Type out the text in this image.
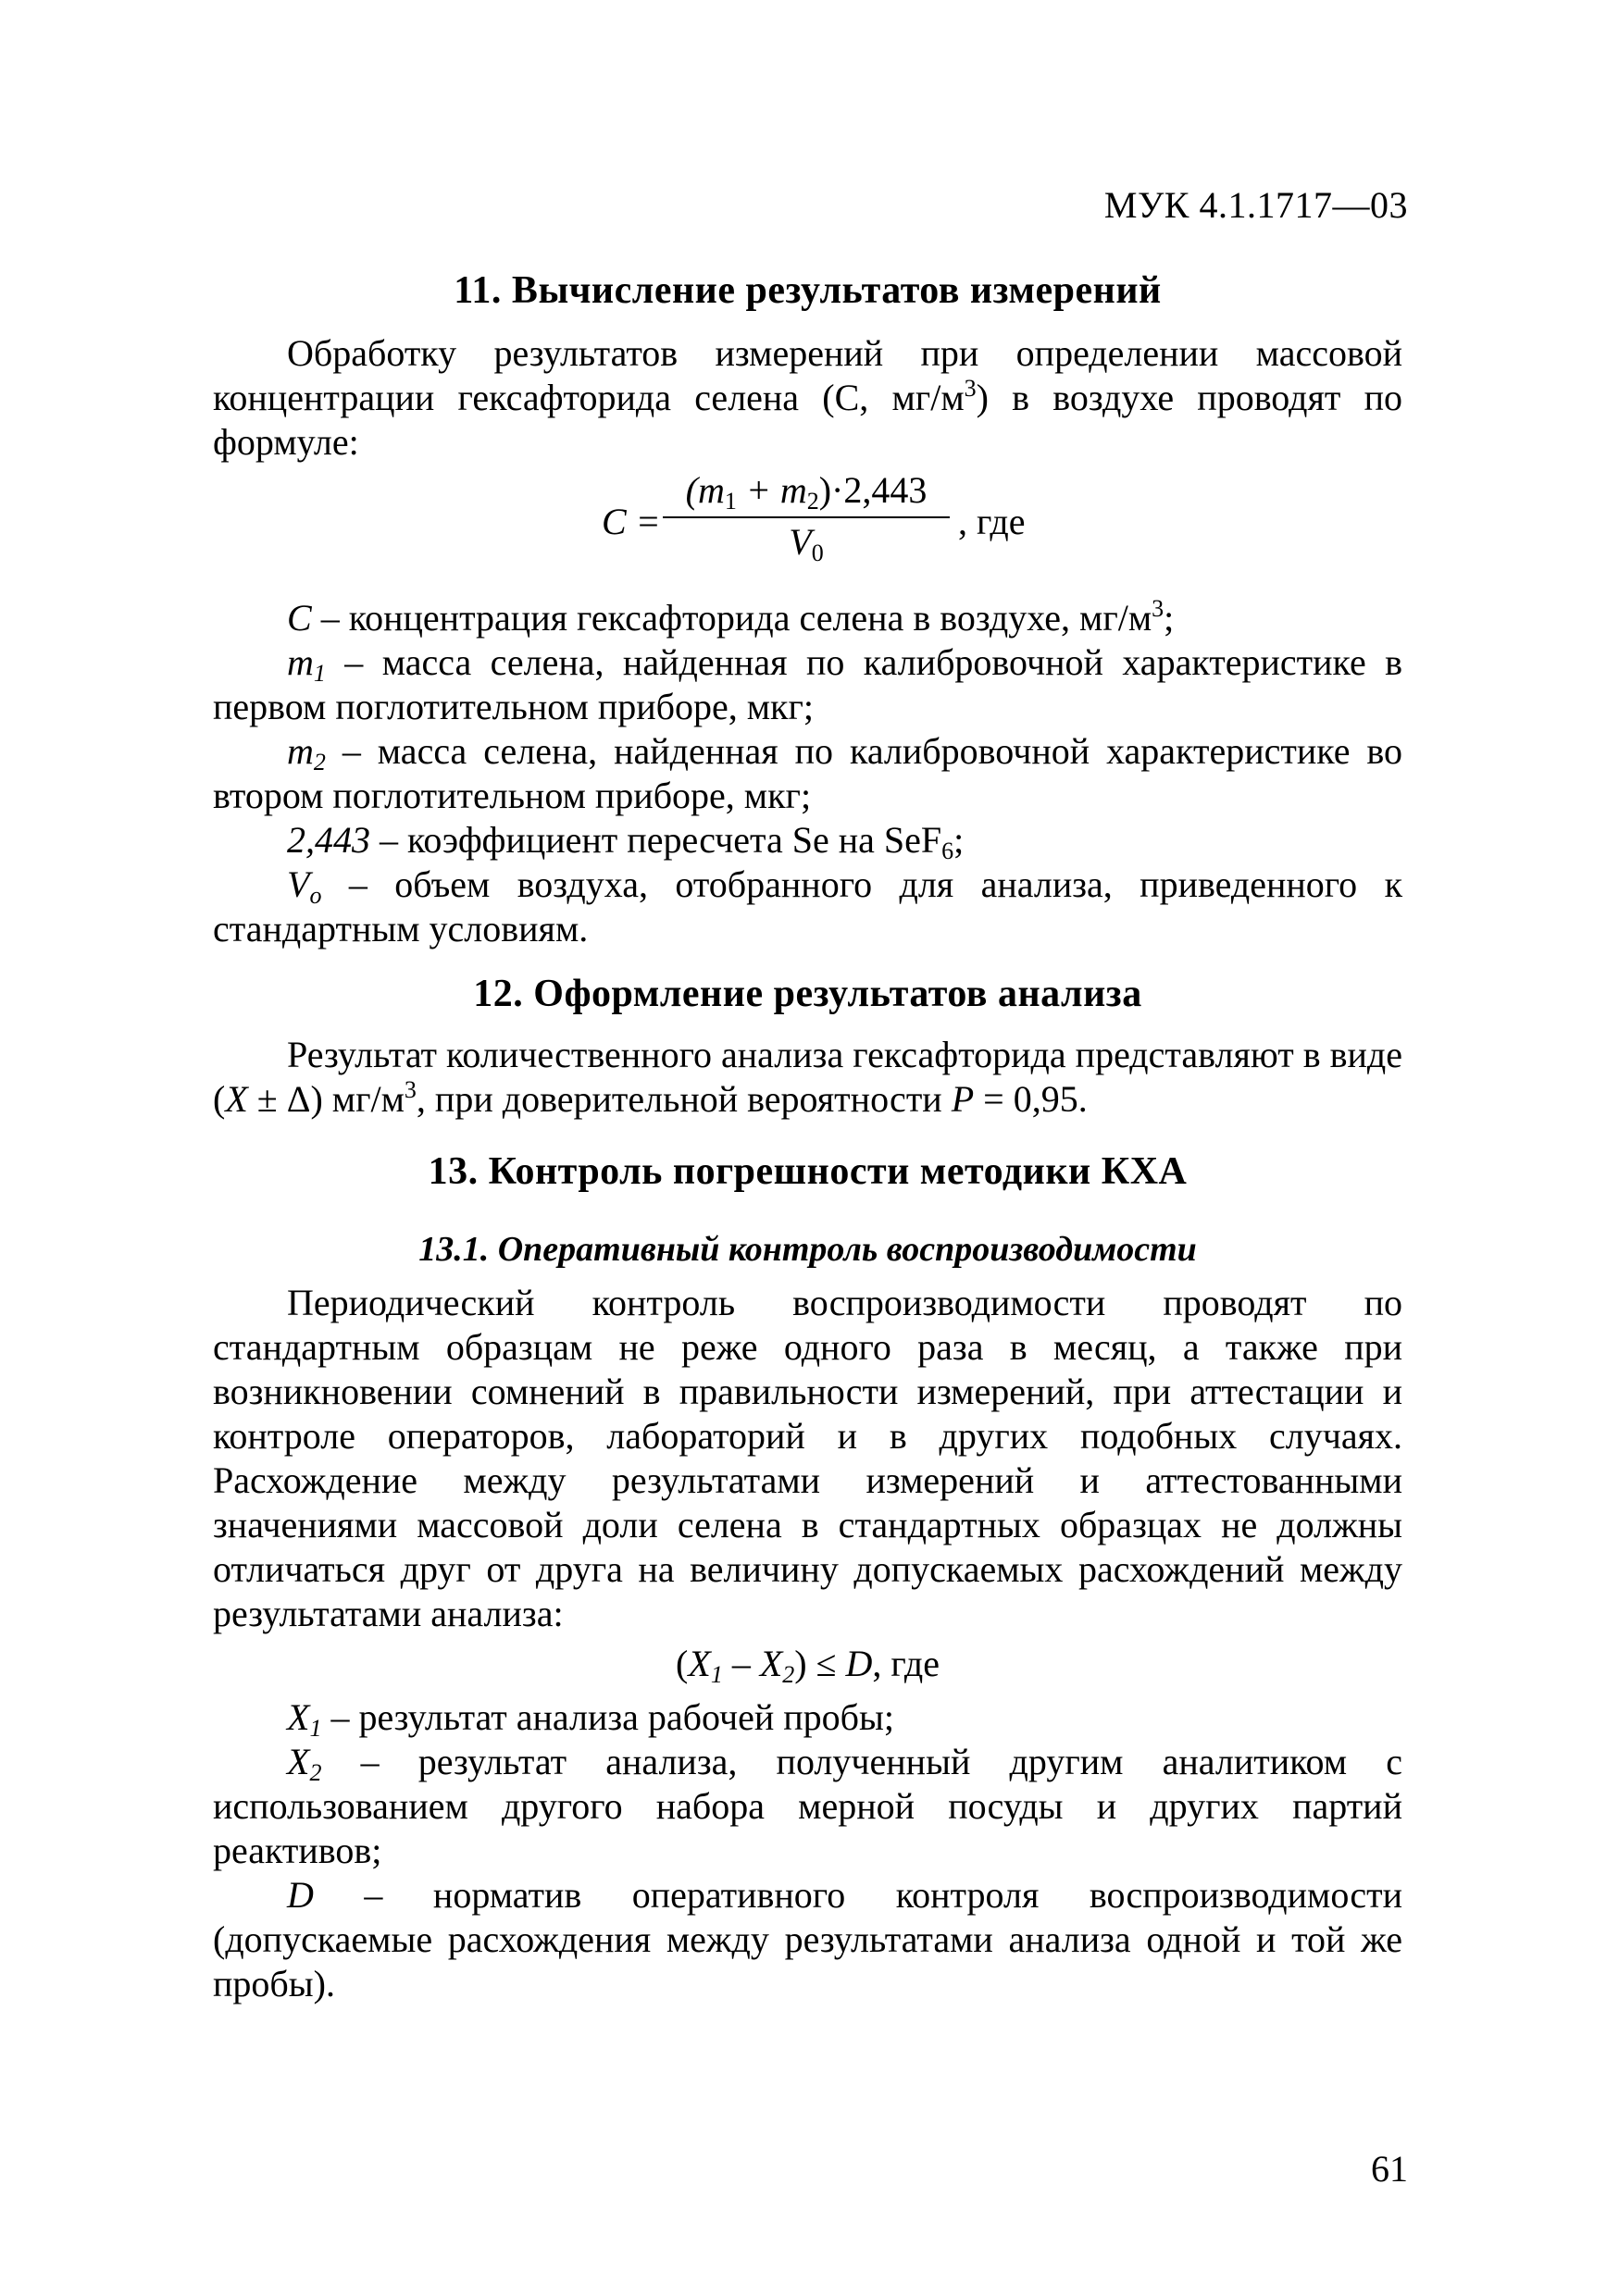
МУК 4.1.1717—03
11. Вычисление результатов измерений

Обработку результатов измерений при определении массовой концентрации гексафторида селена (С, $мг/м^3$) в воздухе проводят по формуле:

$C = \frac{(m_1 + m_2)\cdot 2,443}{V_0}$ , где

C – концентрация гексафторида селена в воздухе, $мг/м^3$;

$m_1$ – масса селена, найденная по калибровочной характеристике в первом поглотительном приборе, мкг;

$m_2$ – масса селена, найденная по калибровочной характеристике во втором поглотительном приборе, мкг;

2,443 – коэффициент пересчета Se на SeF$_6$;

$V_o$ – объем воздуха, отобранного для анализа, приведенного к стандартным условиям.

12. Оформление результатов анализа

Результат количественного анализа гексафторида представляют в виде (X ± Δ) $мг/м^3$, при доверительной вероятности P = 0,95.

13. Контроль погрешности методики КХА
13.1. Оперативный контроль воспроизводимости

Периодический контроль воспроизводимости проводят по стандартным образцам не реже одного раза в месяц, а также при возникновении сомнений в правильности измерений, при аттестации и контроле операторов, лабораторий и в других подобных случаях. Расхождение между результатами измерений и аттестованными значениями массовой доли селена в стандартных образцах не должны отличаться друг от друга на величину допускаемых расхождений между результатами анализа:

$(X_1 - X_2) \le D$, где

$X_1$ – результат анализа рабочей пробы;

$X_2$ – результат анализа, полученный другим аналитиком с использованием другого набора мерной посуды и других партий реактивов;

D – норматив оперативного контроля воспроизводимости (допускаемые расхождения между результатами анализа одной и той же пробы).

61
